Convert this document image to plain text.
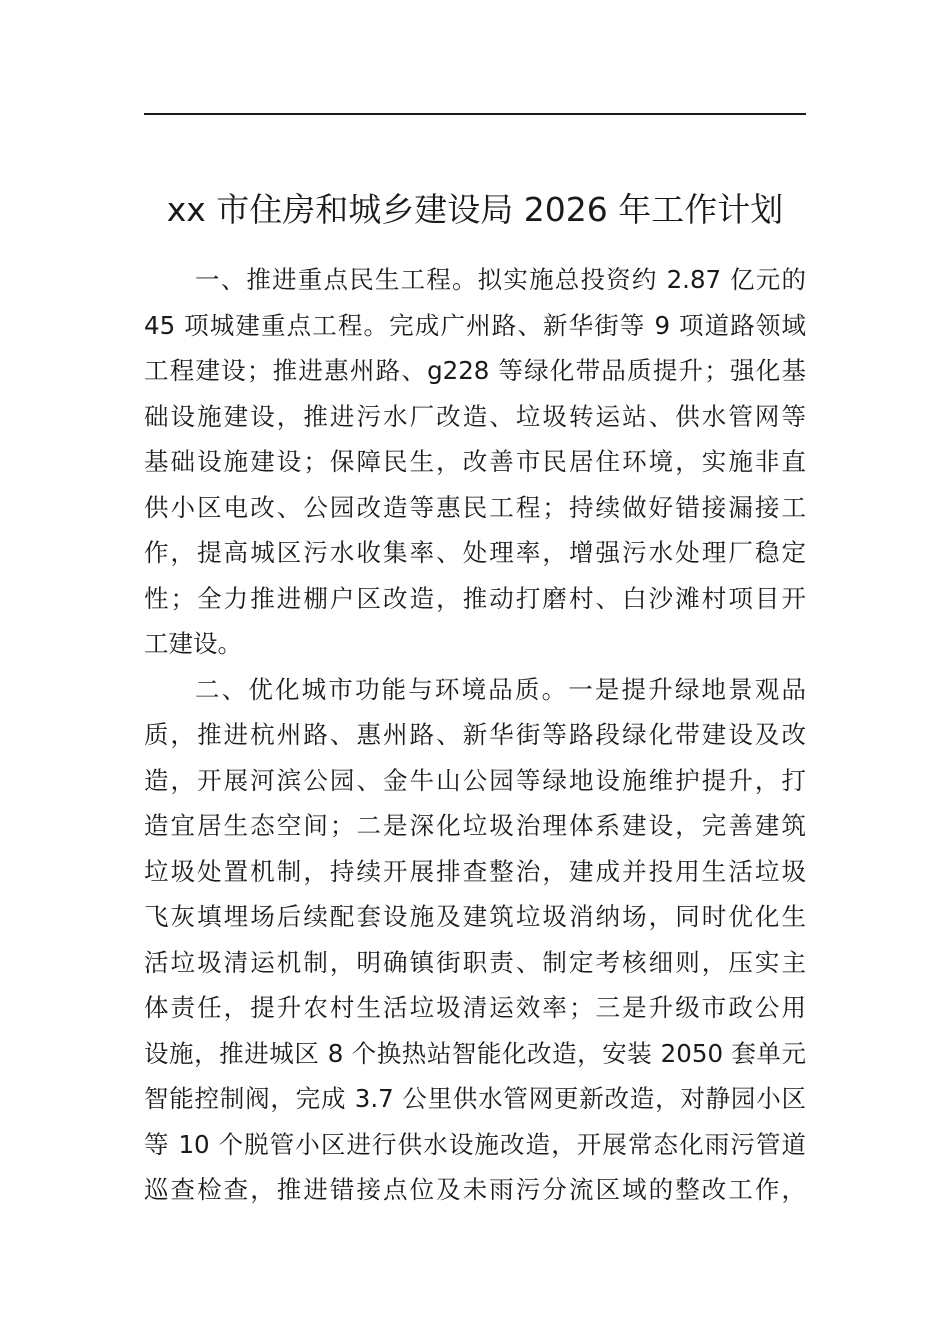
xx 市住房和城乡建设局 2026 年工作计划
一、推进重点民生工程。拟实施总投资约 2.87 亿元的
45 项城建重点工程。完成广州路、新华街等 9 项道路领域
工程建设；推进惠州路、g228 等绿化带品质提升；强化基
础设施建设，推进污水厂改造、垃圾转运站、供水管网等
基础设施建设；保障民生，改善市民居住环境，实施非直
供小区电改、公园改造等惠民工程；持续做好错接漏接工
作，提高城区污水收集率、处理率，增强污水处理厂稳定
性；全力推进棚户区改造，推动打磨村、白沙滩村项目开
工建设。
二、优化城市功能与环境品质。一是提升绿地景观品
质，推进杭州路、惠州路、新华街等路段绿化带建设及改
造，开展河滨公园、金牛山公园等绿地设施维护提升，打
造宜居生态空间；二是深化垃圾治理体系建设，完善建筑
垃圾处置机制，持续开展排查整治，建成并投用生活垃圾
飞灰填埋场后续配套设施及建筑垃圾消纳场，同时优化生
活垃圾清运机制，明确镇街职责、制定考核细则，压实主
体责任，提升农村生活垃圾清运效率；三是升级市政公用
设施，推进城区 8 个换热站智能化改造，安装 2050 套单元
智能控制阀，完成 3.7 公里供水管网更新改造，对静园小区
等 10 个脱管小区进行供水设施改造，开展常态化雨污管道
巡查检查，推进错接点位及未雨污分流区域的整改工作，
